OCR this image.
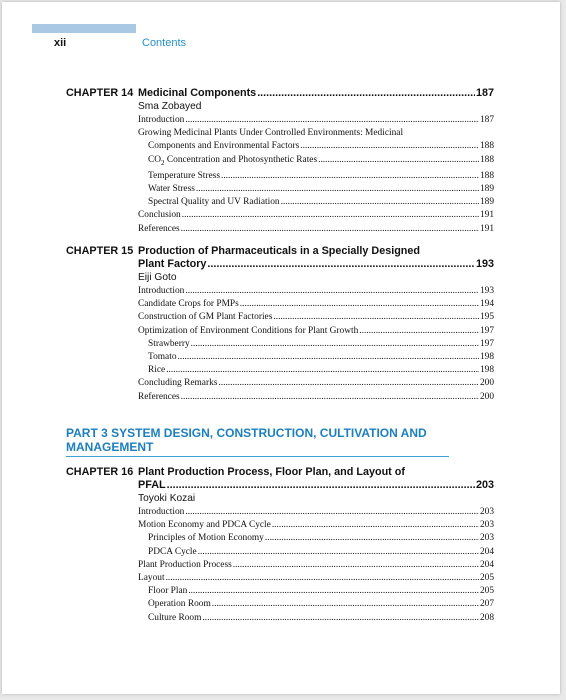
xii	Contents
CHAPTER 14 Medicinal Components .....	187
Sma Zobayed
Introduction .....	187
Growing Medicinal Plants Under Controlled Environments: Medicinal
Components and Environmental Factors .....	188
$CO_2$ Concentration and Photosynthetic Rates .....	188
Temperature Stress .....	188
Water Stress .....	189
Spectral Quality and UV Radiation .....	189
Conclusion .....	191
References .....	191
CHAPTER 15 Production of Pharmaceuticals in a Specially Designed
Plant Factory .....	193
Eiji Goto
Introduction .....	193
Candidate Crops for PMPs .....	194
Construction of GM Plant Factories .....	195
Optimization of Environment Conditions for Plant Growth .....	197
Strawberry .....	197
Tomato .....	198
Rice .....	198
Concluding Remarks .....	200
References .....	200
PART 3 SYSTEM DESIGN, CONSTRUCTION, CULTIVATION AND
MANAGEMENT
CHAPTER 16 Plant Production Process, Floor Plan, and Layout of
PFAL .....	203
Toyoki Kozai
Introduction .....	203
Motion Economy and PDCA Cycle .....	203
Principles of Motion Economy .....	203
PDCA Cycle .....	204
Plant Production Process .....	204
Layout .....	205
Floor Plan .....	205
Operation Room .....	207
Culture Room .....	208
